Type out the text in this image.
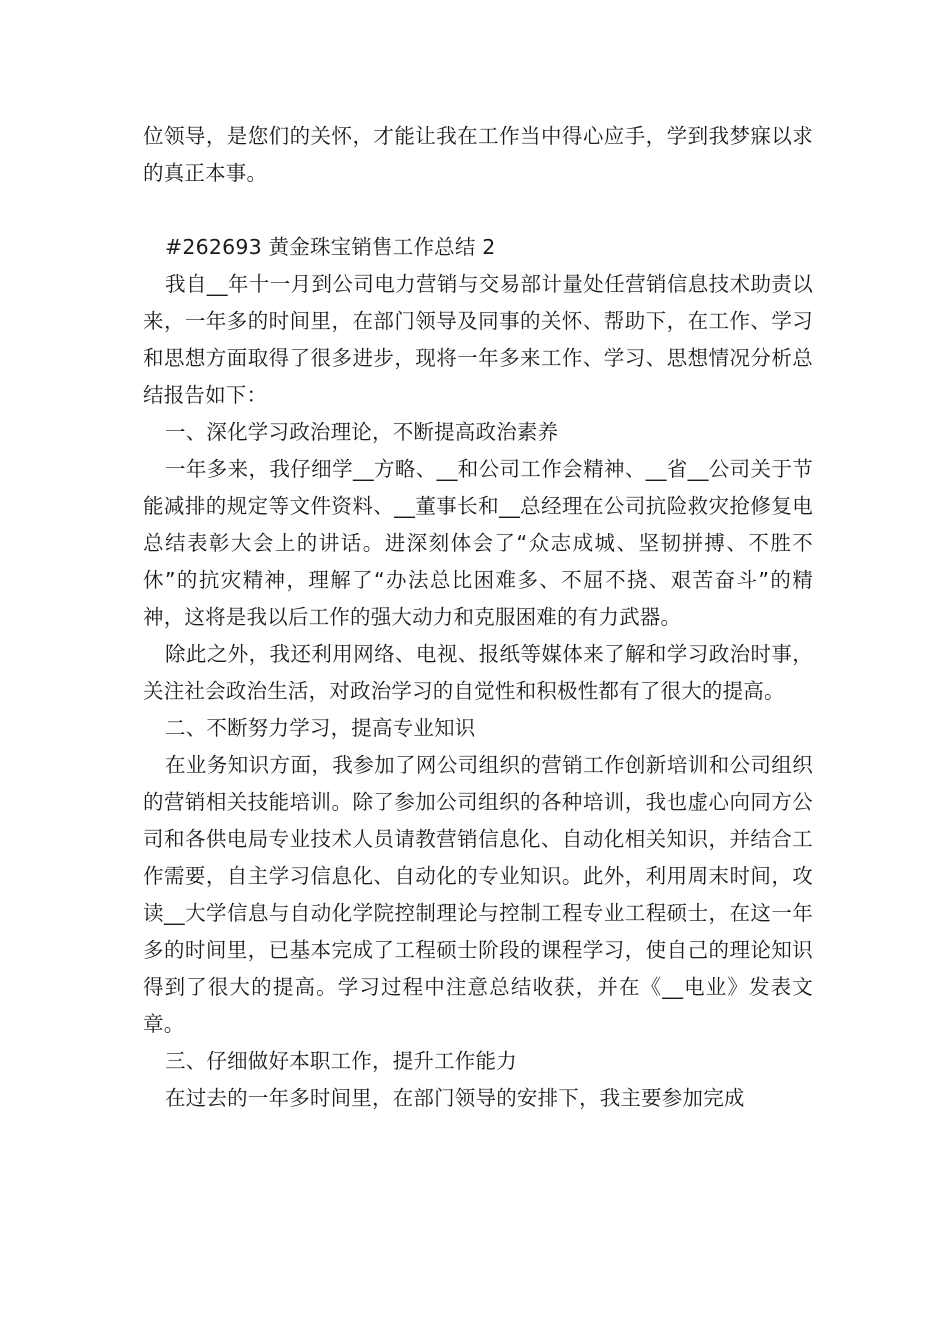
位领导，是您们的关怀，才能让我在工作当中得心应手，学到我梦寐以求的真正本事。

#262693 黄金珠宝销售工作总结 2

我自__年十一月到公司电力营销与交易部计量处任营销信息技术助责以来，一年多的时间里，在部门领导及同事的关怀、帮助下，在工作、学习和思想方面取得了很多进步，现将一年多来工作、学习、思想情况分析总结报告如下：

一、深化学习政治理论，不断提高政治素养

一年多来，我仔细学__方略、__和公司工作会精神、__省__公司关于节能减排的规定等文件资料、__董事长和__总经理在公司抗险救灾抢修复电总结表彰大会上的讲话。进深刻体会了“众志成城、坚韧拼搏、不胜不休”的抗灾精神，理解了“办法总比困难多、不屈不挠、艰苦奋斗”的精神，这将是我以后工作的强大动力和克服困难的有力武器。

除此之外，我还利用网络、电视、报纸等媒体来了解和学习政治时事，关注社会政治生活，对政治学习的自觉性和积极性都有了很大的提高。

二、不断努力学习，提高专业知识

在业务知识方面，我参加了网公司组织的营销工作创新培训和公司组织的营销相关技能培训。除了参加公司组织的各种培训，我也虚心向同方公司和各供电局专业技术人员请教营销信息化、自动化相关知识，并结合工作需要，自主学习信息化、自动化的专业知识。此外，利用周末时间，攻读__大学信息与自动化学院控制理论与控制工程专业工程硕士，在这一年多的时间里，已基本完成了工程硕士阶段的课程学习，使自己的理论知识得到了很大的提高。学习过程中注意总结收获，并在《__电业》发表文章。

三、仔细做好本职工作，提升工作能力

在过去的一年多时间里，在部门领导的安排下，我主要参加完成
